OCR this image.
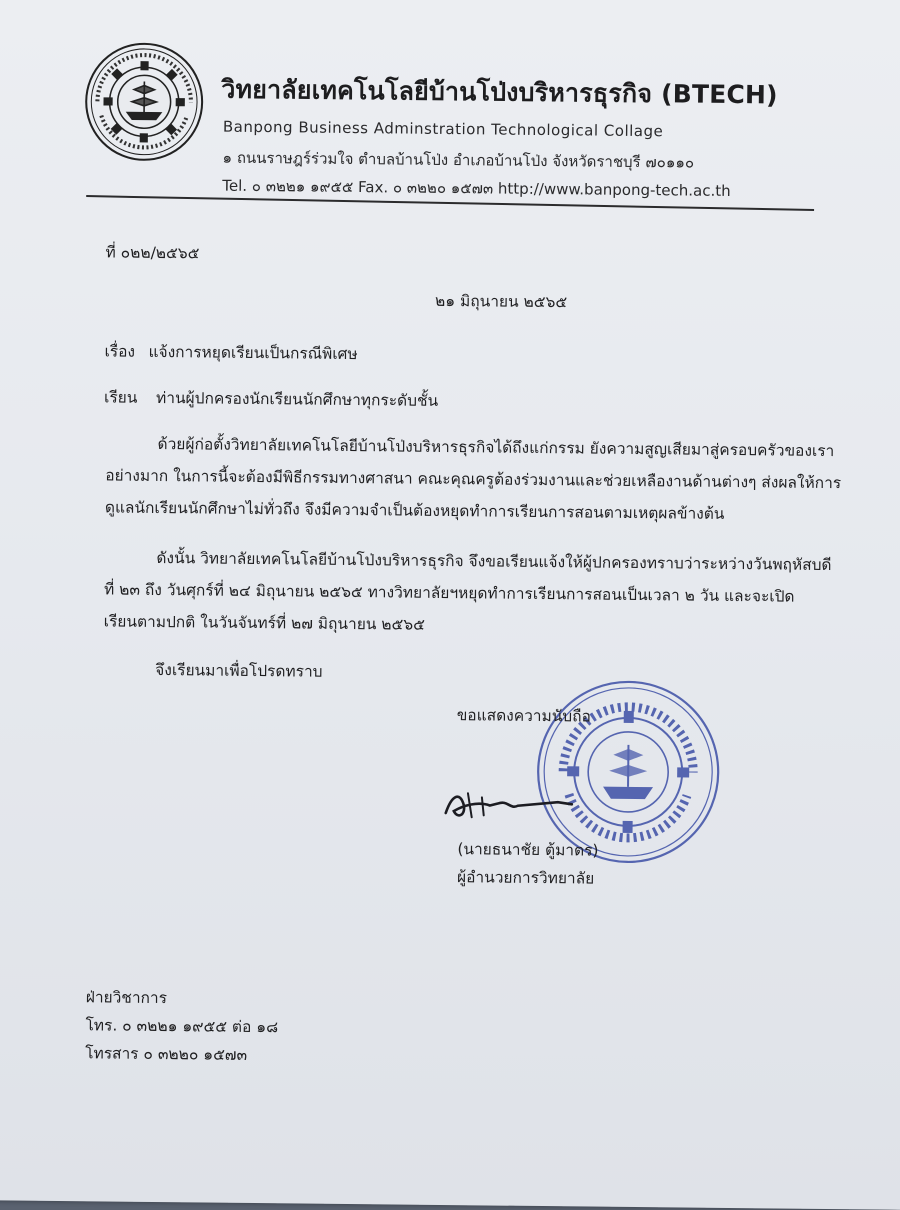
วิทยาลัยเทคโนโลยีบ้านโป่งบริหารธุรกิจ (BTECH)
Banpong Business Adminstration Technological Collage
๑ ถนนราษฎร์ร่วมใจ ตำบลบ้านโป่ง อำเภอบ้านโป่ง จังหวัดราชบุรี ๗๐๑๑๐
Tel. ๐ ๓๒๒๑ ๑๙๕๕ Fax. ๐ ๓๒๒๐ ๑๕๗๓ http://www.banpong-tech.ac.th
ที่ ๐๒๒/๒๕๖๕
๒๑ มิถุนายน ๒๕๖๕
เรื่อง แจ้งการหยุดเรียนเป็นกรณีพิเศษ
เรียน ท่านผู้ปกครองนักเรียนนักศึกษาทุกระดับชั้น
ด้วยผู้ก่อตั้งวิทยาลัยเทคโนโลยีบ้านโป่งบริหารธุรกิจได้ถึงแก่กรรม ยังความสูญเสียมาสู่ครอบครัวของเรา
อย่างมาก ในการนี้จะต้องมีพิธีกรรมทางศาสนา คณะคุณครูต้องร่วมงานและช่วยเหลืองานด้านต่างๆ ส่งผลให้การ
ดูแลนักเรียนนักศึกษาไม่ทั่วถึง จึงมีความจำเป็นต้องหยุดทำการเรียนการสอนตามเหตุผลข้างต้น
ดังนั้น วิทยาลัยเทคโนโลยีบ้านโป่งบริหารธุรกิจ จึงขอเรียนแจ้งให้ผู้ปกครองทราบว่าระหว่างวันพฤหัสบดี
ที่ ๒๓ ถึง วันศุกร์ที่ ๒๔ มิถุนายน ๒๕๖๕ ทางวิทยาลัยฯหยุดทำการเรียนการสอนเป็นเวลา ๒ วัน และจะเปิด
เรียนตามปกติ ในวันจันทร์ที่ ๒๗ มิถุนายน ๒๕๖๕
จึงเรียนมาเพื่อโปรดทราบ
ขอแสดงความนับถือ
(นายธนาชัย ตู้มาตร)
ผู้อำนวยการวิทยาลัย
ฝ่ายวิชาการ
โทร. ๐ ๓๒๒๑ ๑๙๕๕ ต่อ ๑๘
โทรสาร ๐ ๓๒๒๐ ๑๕๗๓
